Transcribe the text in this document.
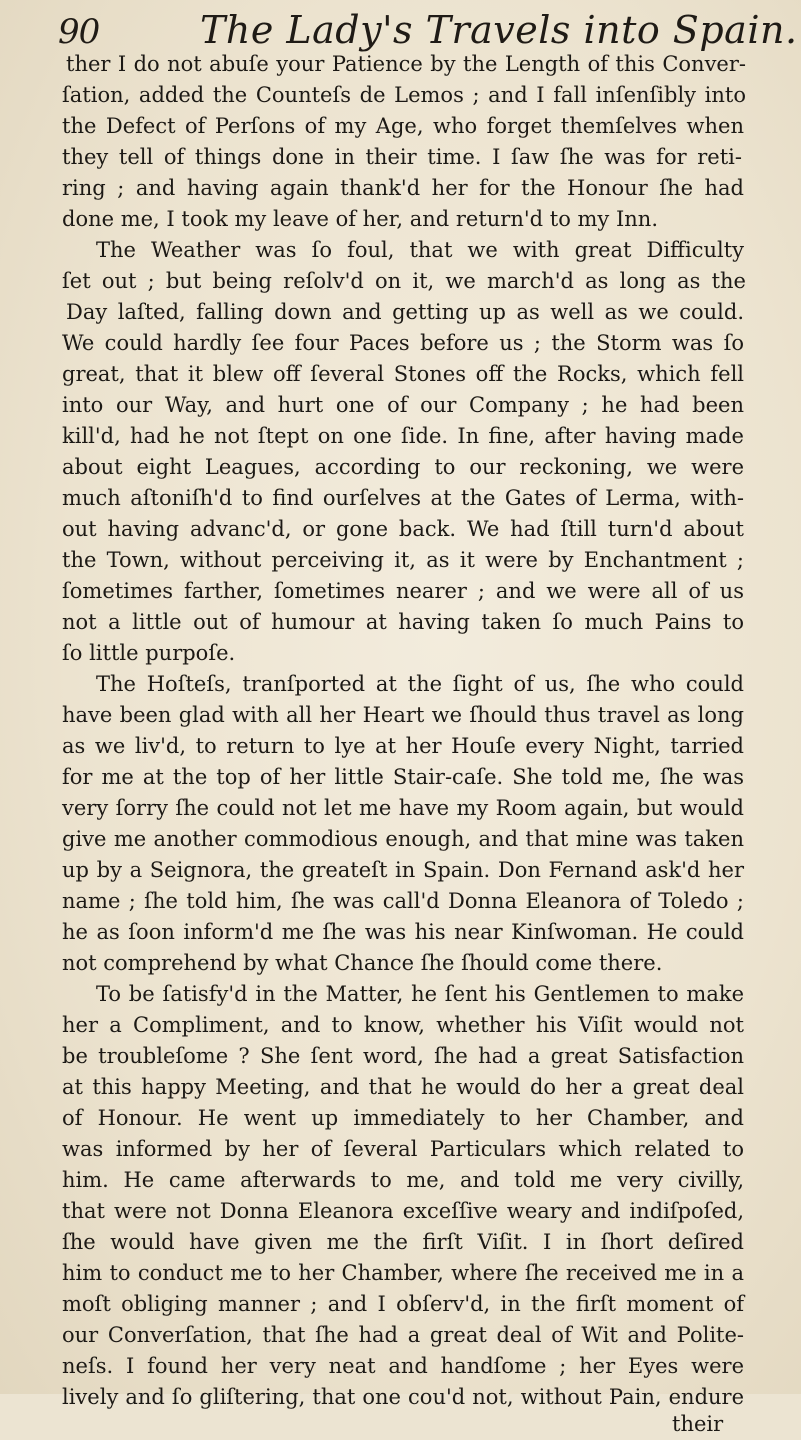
90	The Lady's Travels into Spain.
ther I do not abuſe your Patience by the Length of this Conver-
ſation, added the Counteſs de Lemos ; and I fall inſenſibly into
the Defect of Perſons of my Age, who forget themſelves when
they tell of things done in their time. I ſaw ſhe was for reti-
ring ; and having again thank'd her for the Honour ſhe had
done me, I took my leave of her, and return'd to my Inn.
The Weather was ſo foul, that we with great Difficulty
ſet out ; but being reſolv'd on it, we march'd as long as the
Day laſted, falling down and getting up as well as we could.
We could hardly ſee four Paces before us ; the Storm was ſo
great, that it blew off ſeveral Stones off the Rocks, which fell
into our Way, and hurt one of our Company ; he had been
kill'd, had he not ſtept on one ſide. In fine, after having made
about eight Leagues, according to our reckoning, we were
much aſtoniſh'd to find ourſelves at the Gates of Lerma, with-
out having advanc'd, or gone back. We had ſtill turn'd about
the Town, without perceiving it, as it were by Enchantment ;
ſometimes farther, ſometimes nearer ; and we were all of us
not a little out of humour at having taken ſo much Pains to
ſo little purpoſe.
The Hoſteſs, tranſported at the ſight of us, ſhe who could
have been glad with all her Heart we ſhould thus travel as long
as we liv'd, to return to lye at her Houſe every Night, tarried
for me at the top of her little Stair-caſe. She told me, ſhe was
very ſorry ſhe could not let me have my Room again, but would
give me another commodious enough, and that mine was taken
up by a Seignora, the greateſt in Spain. Don Fernand ask'd her
name ; ſhe told him, ſhe was call'd Donna Eleanora of Toledo ;
he as ſoon inform'd me ſhe was his near Kinſwoman. He could
not comprehend by what Chance ſhe ſhould come there.
To be ſatisfy'd in the Matter, he ſent his Gentlemen to make
her a Compliment, and to know, whether his Viſit would not
be troubleſome ? She ſent word, ſhe had a great Satisfaction
at this happy Meeting, and that he would do her a great deal
of Honour. He went up immediately to her Chamber, and
was informed by her of ſeveral Particulars which related to
him. He came afterwards to me, and told me very civilly,
that were not Donna Eleanora exceſſive weary and indiſpoſed,
ſhe would have given me the firſt Viſit. I in ſhort deſired
him to conduct me to her Chamber, where ſhe received me in a
moſt obliging manner ; and I obſerv'd, in the firſt moment of
our Converſation, that ſhe had a great deal of Wit and Polite-
neſs. I found her very neat and handſome ; her Eyes were
lively and ſo gliſtering, that one cou'd not, without Pain, endure
their
